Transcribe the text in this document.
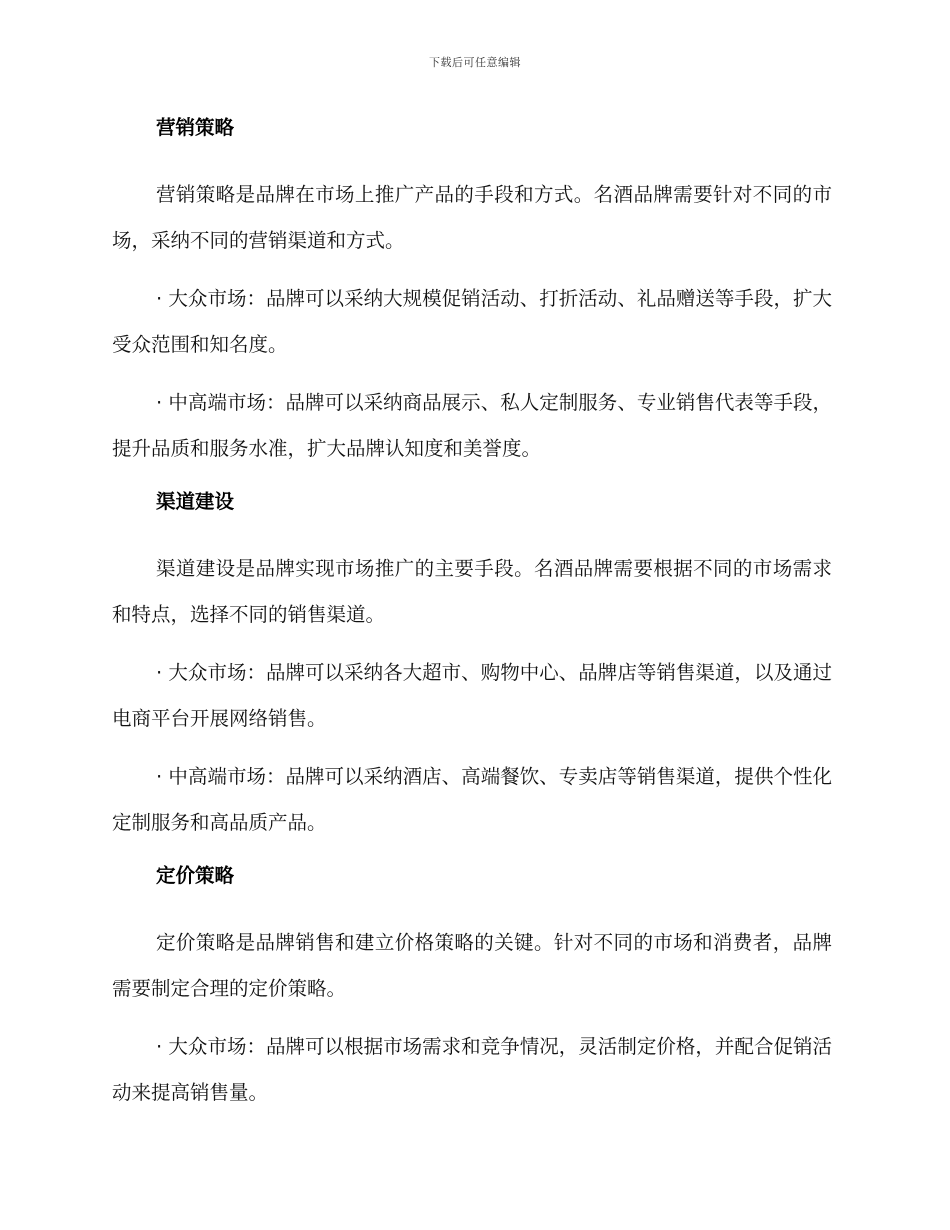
下载后可任意编辑
营销策略

营销策略是品牌在市场上推广产品的手段和方式。名酒品牌需要针对不同的市场，采纳不同的营销渠道和方式。

· 大众市场：品牌可以采纳大规模促销活动、打折活动、礼品赠送等手段，扩大受众范围和知名度。

· 中高端市场：品牌可以采纳商品展示、私人定制服务、专业销售代表等手段，提升品质和服务水准，扩大品牌认知度和美誉度。

渠道建设

渠道建设是品牌实现市场推广的主要手段。名酒品牌需要根据不同的市场需求和特点，选择不同的销售渠道。

· 大众市场：品牌可以采纳各大超市、购物中心、品牌店等销售渠道，以及通过电商平台开展网络销售。

· 中高端市场：品牌可以采纳酒店、高端餐饮、专卖店等销售渠道，提供个性化定制服务和高品质产品。

定价策略

定价策略是品牌销售和建立价格策略的关键。针对不同的市场和消费者，品牌需要制定合理的定价策略。

· 大众市场：品牌可以根据市场需求和竞争情况，灵活制定价格，并配合促销活动来提高销售量。
